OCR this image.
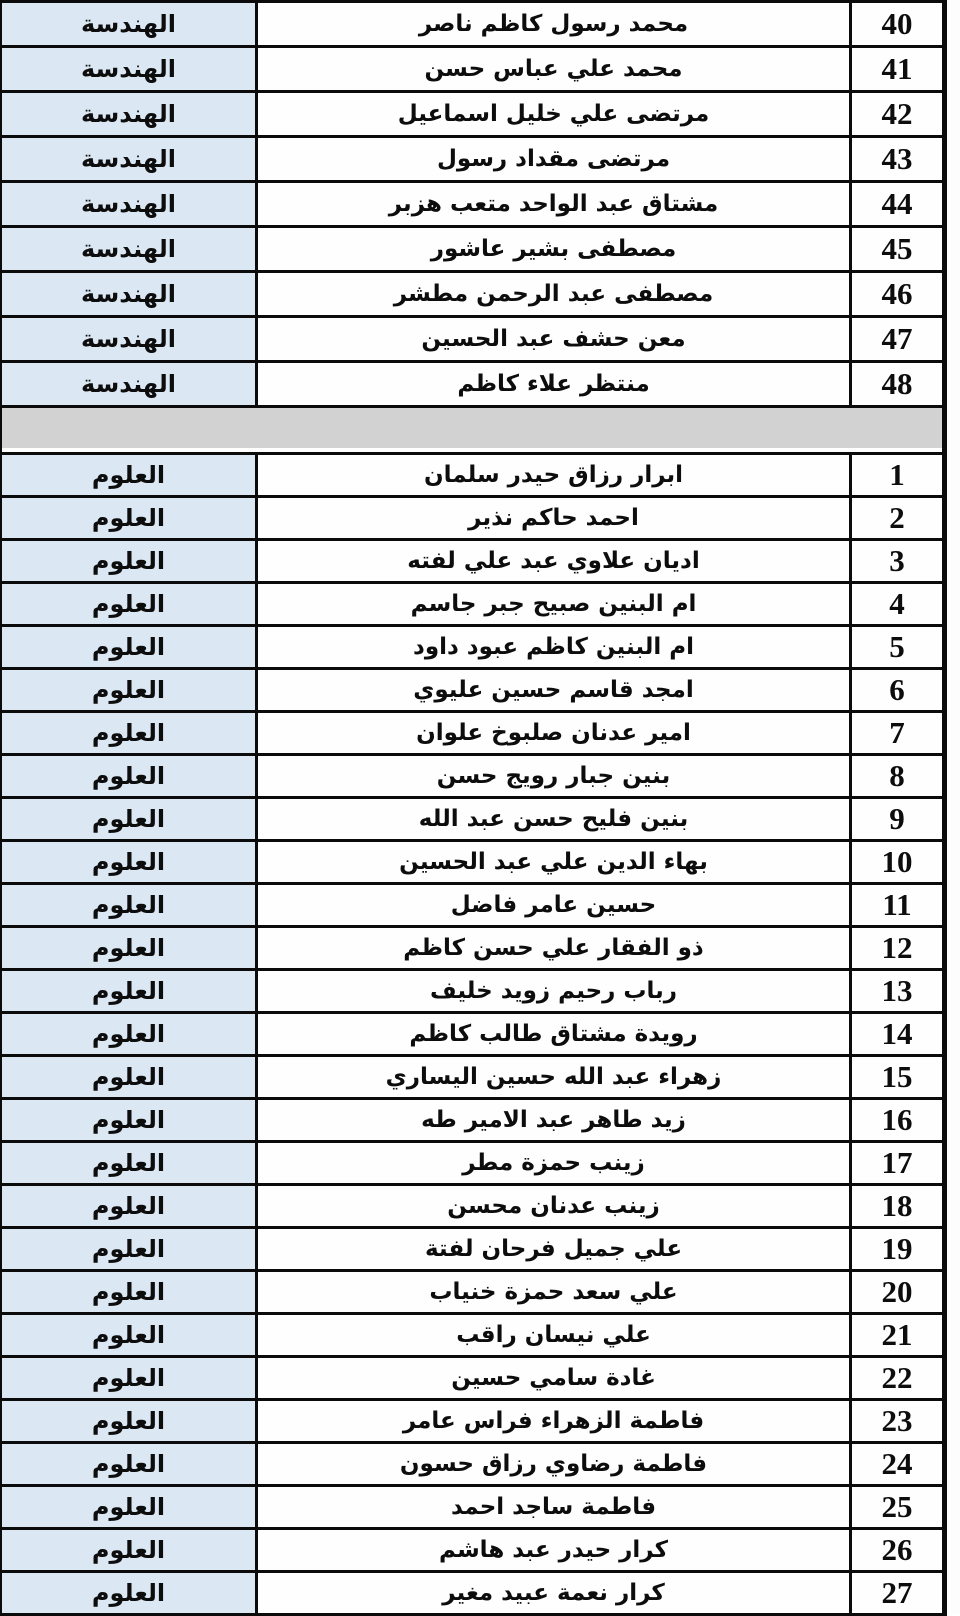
الهندسة	محمد رسول كاظم ناصر	40
الهندسة	محمد علي عباس حسن	41
الهندسة	مرتضى علي خليل اسماعيل	42
الهندسة	مرتضى مقداد رسول	43
الهندسة	مشتاق عبد الواحد متعب هزبر	44
الهندسة	مصطفى بشير عاشور	45
الهندسة	مصطفى عبد الرحمن مطشر	46
الهندسة	معن حشف عبد الحسين	47
الهندسة	منتظر علاء كاظم	48
العلوم	ابرار رزاق حيدر سلمان	1
العلوم	احمد حاكم نذير	2
العلوم	اديان علاوي عبد علي لفته	3
العلوم	ام البنين صبيح جبر جاسم	4
العلوم	ام البنين كاظم عبود داود	5
العلوم	امجد قاسم حسين عليوي	6
العلوم	امير عدنان صلبوخ علوان	7
العلوم	بنين جبار رويج حسن	8
العلوم	بنين فليح حسن عبد الله	9
العلوم	بهاء الدين علي عبد الحسين	10
العلوم	حسين عامر فاضل	11
العلوم	ذو الفقار علي حسن كاظم	12
العلوم	رباب رحيم زويد خليف	13
العلوم	رويدة مشتاق طالب كاظم	14
العلوم	زهراء عبد الله حسين اليساري	15
العلوم	زيد طاهر عبد الامير طه	16
العلوم	زينب حمزة مطر	17
العلوم	زينب عدنان محسن	18
العلوم	علي جميل فرحان لفتة	19
العلوم	علي سعد حمزة خنياب	20
العلوم	علي نيسان راقب	21
العلوم	غادة سامي حسين	22
العلوم	فاطمة الزهراء فراس عامر	23
العلوم	فاطمة رضاوي رزاق حسون	24
العلوم	فاطمة ساجد احمد	25
العلوم	كرار حيدر عبد هاشم	26
العلوم	كرار نعمة عبيد مغير	27
